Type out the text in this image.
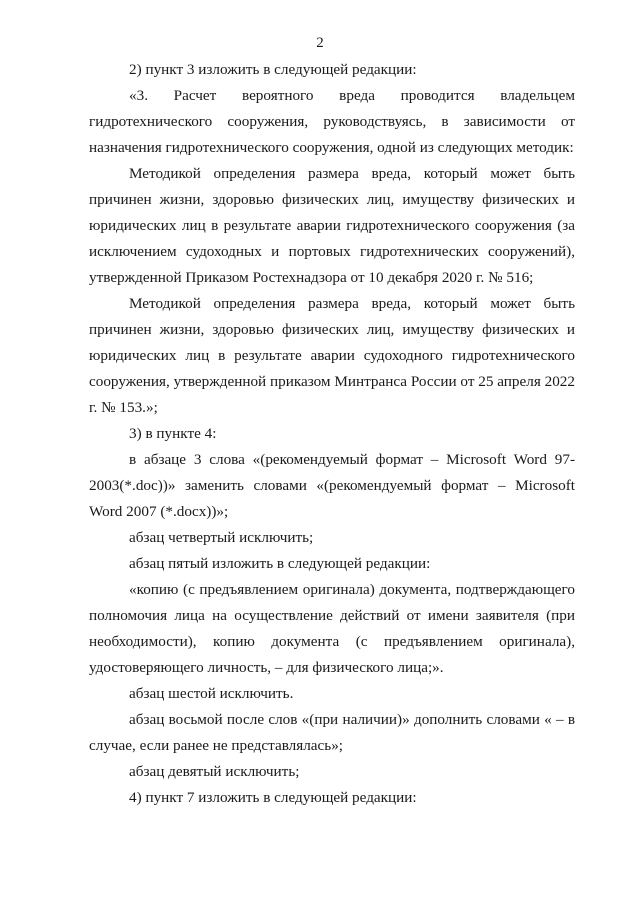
2

2) пункт 3 изложить в следующей редакции:

«3. Расчет вероятного вреда проводится владельцем гидротехнического сооружения, руководствуясь, в зависимости от назначения гидротехнического сооружения, одной из следующих методик:

Методикой определения размера вреда, который может быть причинен жизни, здоровью физических лиц, имуществу физических и юридических лиц в результате аварии гидротехнического сооружения (за исключением судоходных и портовых гидротехнических сооружений), утвержденной Приказом Ростехнадзора от 10 декабря 2020 г. № 516;

Методикой определения размера вреда, который может быть причинен жизни, здоровью физических лиц, имуществу физических и юридических лиц в результате аварии судоходного гидротехнического сооружения, утвержденной приказом Минтранса России от 25 апреля 2022 г. № 153.»;

3) в пункте 4:

в абзаце 3 слова «(рекомендуемый формат – Microsoft Word 97-2003(*.doc))» заменить словами «(рекомендуемый формат – Microsoft Word 2007 (*.docx))»;

абзац четвертый исключить;

абзац пятый изложить в следующей редакции:

«копию (с предъявлением оригинала) документа, подтверждающего полномочия лица на осуществление действий от имени заявителя (при необходимости), копию документа (с предъявлением оригинала), удостоверяющего личность, – для физического лица;».

абзац шестой исключить.

абзац восьмой после слов «(при наличии)» дополнить словами « – в случае, если ранее не представлялась»;

абзац девятый исключить;

4) пункт 7 изложить в следующей редакции:
